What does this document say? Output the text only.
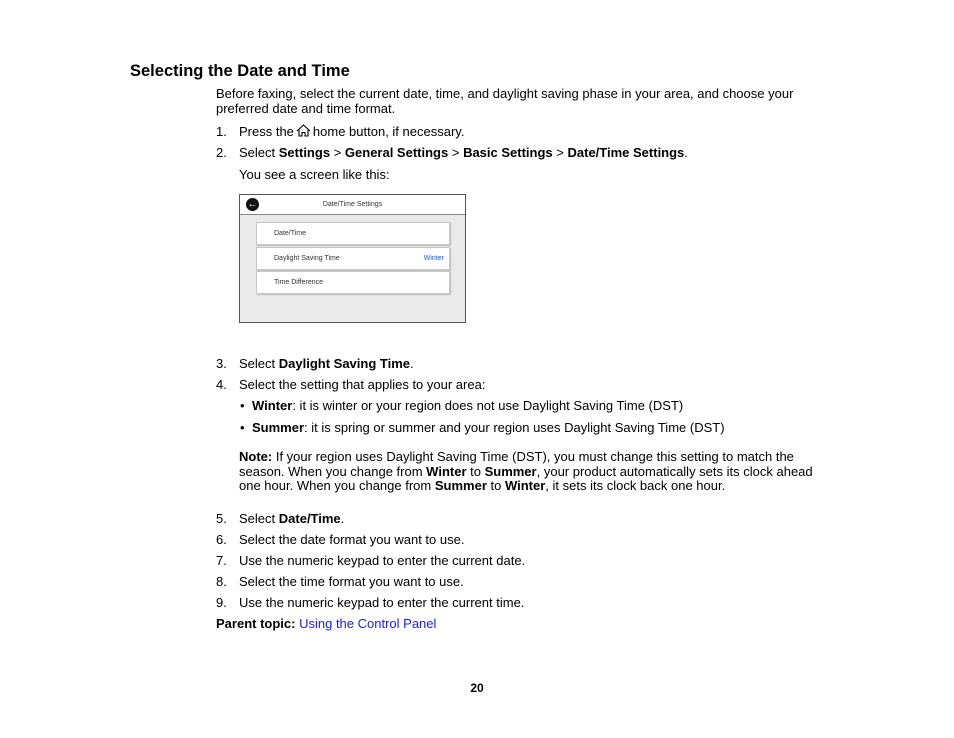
Selecting the Date and Time
Before faxing, select the current date, time, and daylight saving phase in your area, and choose your preferred date and time format.
1. Press the home button, if necessary.
2. Select Settings > General Settings > Basic Settings > Date/Time Settings.
You see a screen like this:
←	Date/Time Settings
Date/Time
Daylight Saving Time	Winter
Time Difference
3. Select Daylight Saving Time.
4. Select the setting that applies to your area:
• Winter: it is winter or your region does not use Daylight Saving Time (DST)
• Summer: it is spring or summer and your region uses Daylight Saving Time (DST)
Note: If your region uses Daylight Saving Time (DST), you must change this setting to match the season. When you change from Winter to Summer, your product automatically sets its clock ahead one hour. When you change from Summer to Winter, it sets its clock back one hour.
5. Select Date/Time.
6. Select the date format you want to use.
7. Use the numeric keypad to enter the current date.
8. Select the time format you want to use.
9. Use the numeric keypad to enter the current time.
Parent topic: Using the Control Panel
20
